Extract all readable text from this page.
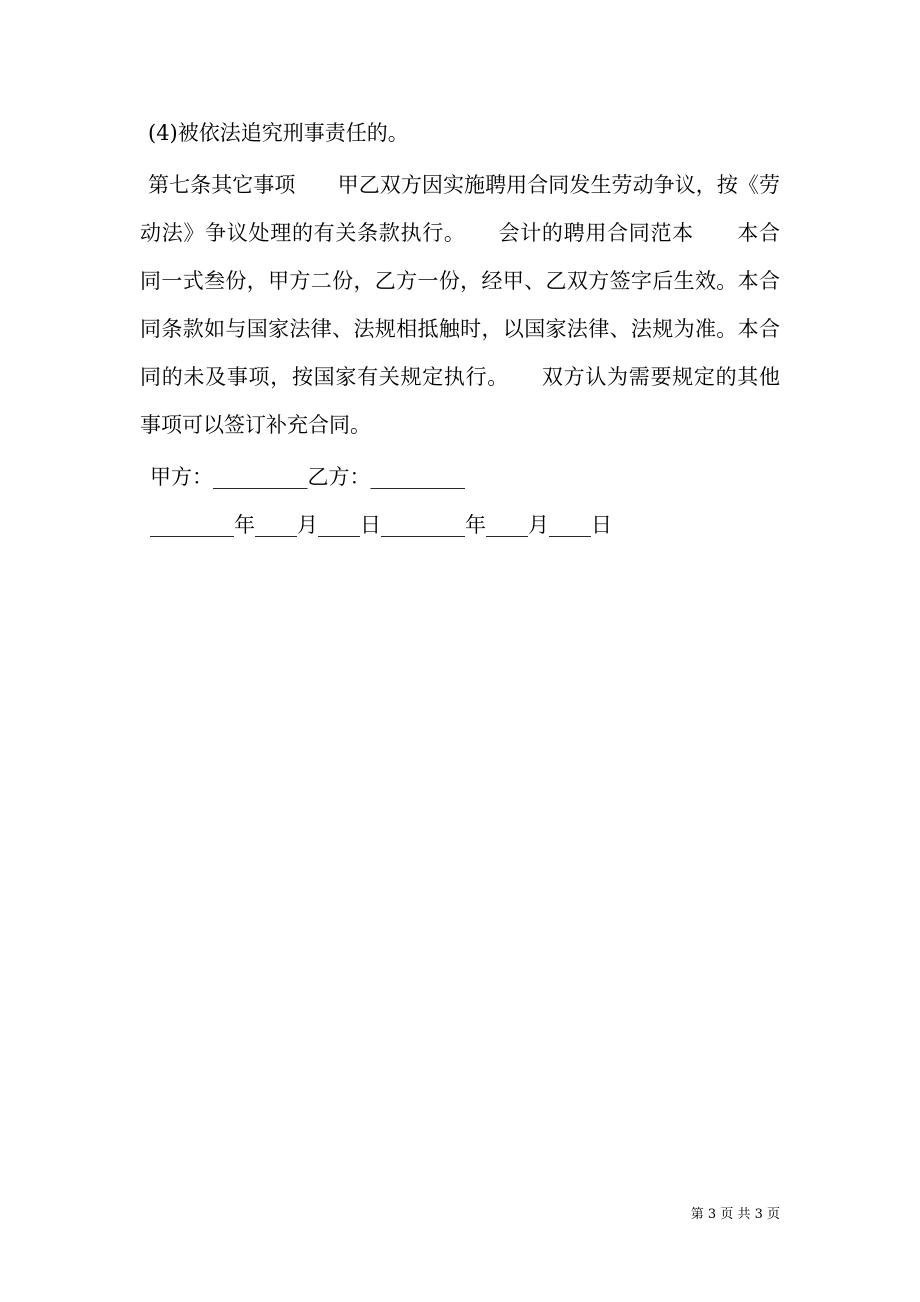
(4)被依法追究刑事责任的。
第七条其它事项　　甲乙双方因实施聘用合同发生劳动争议，按《劳
动法》争议处理的有关条款执行。　　会计的聘用合同范本　　本合
同一式叁份，甲方二份，乙方一份，经甲、乙双方签字后生效。本合
同条款如与国家法律、法规相抵触时，以国家法律、法规为准。本合
同的未及事项，按国家有关规定执行。　　双方认为需要规定的其他
事项可以签订补充合同。
甲方：_________乙方：_________
________年____月____日________年____月____日
第 3 页 共 3 页
